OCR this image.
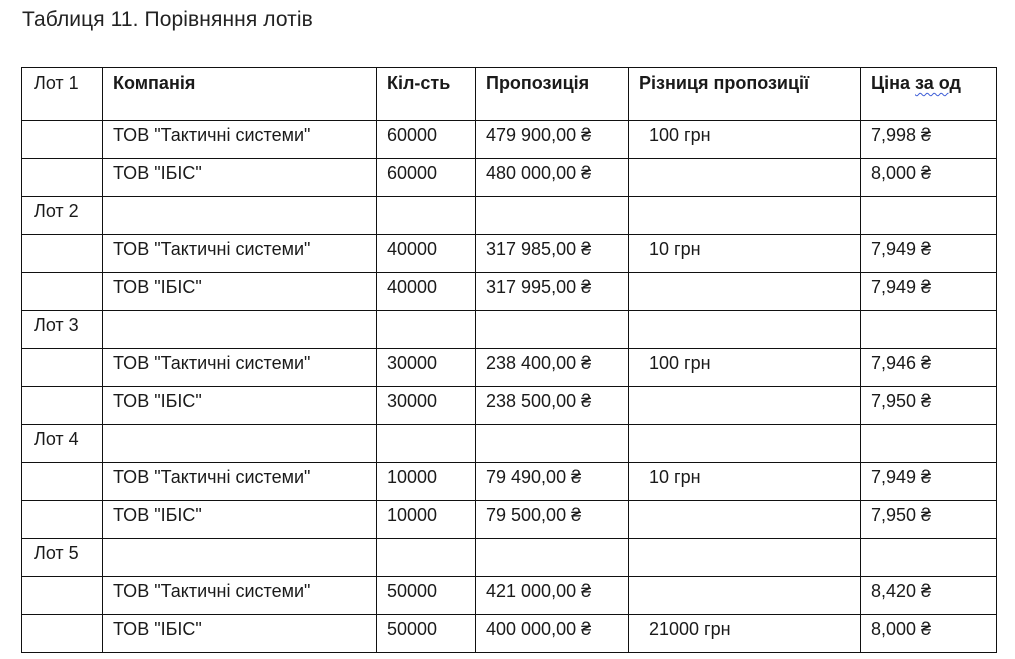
Таблиця 11. Порівняння лотів
Лот 1	Компанія	Кіл-сть	Пропозиція	Різниця пропозиції	Ціна за од
	ТОВ "Тактичні системи"	60000	479 900,00 ₴	100 грн	7,998 ₴
	ТОВ "ІБІС"	60000	480 000,00 ₴		8,000 ₴
Лот 2					
	ТОВ "Тактичні системи"	40000	317 985,00 ₴	10 грн	7,949 ₴
	ТОВ "ІБІС"	40000	317 995,00 ₴		7,949 ₴
Лот 3					
	ТОВ "Тактичні системи"	30000	238 400,00 ₴	100 грн	7,946 ₴
	ТОВ "ІБІС"	30000	238 500,00 ₴		7,950 ₴
Лот 4					
	ТОВ "Тактичні системи"	10000	79 490,00 ₴	10 грн	7,949 ₴
	ТОВ "ІБІС"	10000	79 500,00 ₴		7,950 ₴
Лот 5					
	ТОВ "Тактичні системи"	50000	421 000,00 ₴		8,420 ₴
	ТОВ "ІБІС"	50000	400 000,00 ₴	21000 грн	8,000 ₴
